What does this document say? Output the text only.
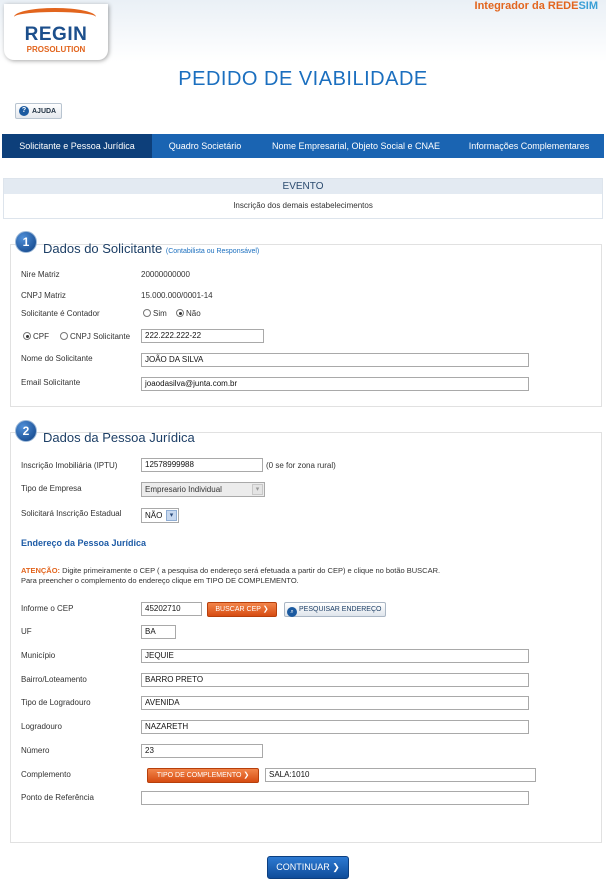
REGIN
PROSOLUTION
Integrador da REDESIM
PEDIDO DE VIABILIDADE
? AJUDA
Solicitante e Pessoa Jurídica	Quadro Societário	Nome Empresarial, Objeto Social e CNAE	Informações Complementares
EVENTO
Inscrição dos demais estabelecimentos
1	Dados do Solicitante (Contabilista ou Responsável)
Nire Matriz	20000000000
CNPJ Matriz	15.000.000/0001-14
Solicitante é Contador	Sim	Não
CPF	CNPJ Solicitante	222.222.222-22
Nome do Solicitante	JOÃO DA SILVA
Email Solicitante	joaodasilva@junta.com.br
2	Dados da Pessoa Jurídica
Inscrição Imobiliária (IPTU)	12578999988	(0 se for zona rural)
Tipo de Empresa	Empresario Individual	▾
Solicitará Inscrição Estadual	NÃO	▾
Endereço da Pessoa Jurídica
ATENÇÃO: Digite primeiramente o CEP ( a pesquisa do endereço será efetuada a partir do CEP) e clique no botão BUSCAR.
Para preencher o complemento do endereço clique em TIPO DE COMPLEMENTO.
Informe o CEP	45202710	BUSCAR CEP ❯	⌕ PESQUISAR ENDEREÇO
UF	BA
Município	JEQUIE
Bairro/Loteamento	BARRO PRETO
Tipo de Logradouro	AVENIDA
Logradouro	NAZARETH
Número	23
Complemento	TIPO DE COMPLEMENTO ❯	SALA:1010
Ponto de Referência
CONTINUAR ❯
